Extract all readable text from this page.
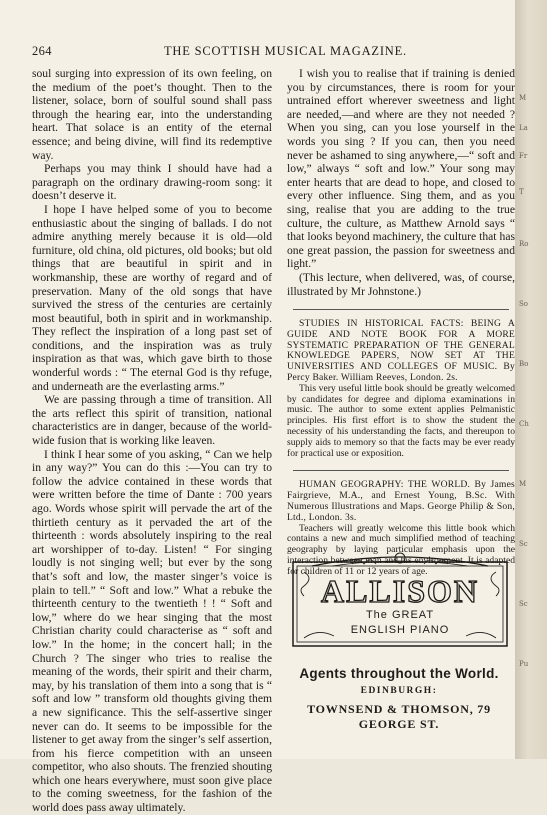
264	THE SCOTTISH MUSICAL MAGAZINE.

soul surging into expression of its own feeling, on the medium of the poet’s thought. Then to the listener, solace, born of soulful sound shall pass through the hearing ear, into the understanding heart. That solace is an entity of the eternal essence; and being divine, will find its redemptive way.

Perhaps you may think I should have had a paragraph on the ordinary drawing-room song: it doesn’t deserve it.

I hope I have helped some of you to become enthusiastic about the singing of ballads. I do not admire anything merely because it is old—old furniture, old china, old pictures, old books; but old things that are beautiful in spirit and in workmanship, these are worthy of regard and of preservation. Many of the old songs that have survived the stress of the centuries are certainly most beautiful, both in spirit and in workmanship. They reflect the inspiration of a long past set of conditions, and the inspiration was as truly inspiration as that was, which gave birth to those wonderful words : “ The eternal God is thy refuge, and underneath are the everlasting arms.”

We are passing through a time of transition. All the arts reflect this spirit of transition, national characteristics are in danger, because of the world-wide fusion that is working like leaven.

I think I hear some of you asking, “ Can we help in any way?” You can do this :—You can try to follow the advice contained in these words that were written before the time of Dante : 700 years ago. Words whose spirit will pervade the art of the thirtieth century as it pervaded the art of the thirteenth : words absolutely inspiring to the real art worshipper of to-day. Listen! “ For singing loudly is not singing well; but ever by the song that’s soft and low, the master singer’s voice is plain to tell.” “ Soft and low.” What a rebuke the thirteenth century to the twentieth ! ! “ Soft and low,” where do we hear singing that the most Christian charity could characterise as “ soft and low.” In the home; in the concert hall; in the Church ? The singer who tries to realise the meaning of the words, their spirit and their charm, may, by his translation of them into a song that is “ soft and low ” transform old thoughts giving them a new significance. This the self-assertive singer never can do. It seems to be impossible for the listener to get away from the singer’s self assertion, from his fierce competition with an unseen competitor, who also shouts. The frenzied shouting which one hears everywhere, must soon give place to the coming sweetness, for the fashion of the world does pass away ultimately.

I wish you to realise that if training is denied you by circumstances, there is room for your untrained effort wherever sweetness and light are needed,—and where are they not needed ? When you sing, can you lose yourself in the words you sing ? If you can, then you need never be ashamed to sing anywhere,—“ soft and low,” always “ soft and low.” Your song may enter hearts that are dead to hope, and closed to every other influence. Sing them, and as you sing, realise that you are adding to the true culture, the culture, as Matthew Arnold says “ that looks beyond machinery, the culture that has one great passion, the passion for sweetness and light.”

(This lecture, when delivered, was, of course, illustrated by Mr Johnstone.)

STUDIES IN HISTORICAL FACTS: BEING A GUIDE AND NOTE BOOK FOR A MORE SYSTEMATIC PREPARATION OF THE GENERAL KNOWLEDGE PAPERS, NOW SET AT THE UNIVERSITIES AND COLLEGES OF MUSIC. By Percy Baker. William Reeves, London. 2s.

This very useful little book should be greatly welcomed by candidates for degree and diploma examinations in music. The author to some extent applies Pelmanistic principles. His first effort is to show the student the necessity of his understanding the facts, and thereupon to supply aids to memory so that the facts may be ever ready for practical use or exposition.

HUMAN GEOGRAPHY: THE WORLD. By James Fairgrieve, M.A., and Ernest Young, B.Sc. With Numerous Illustrations and Maps. George Philip & Son, Ltd., London. 3s.

Teachers will greatly welcome this little book which contains a new and much simplified method of teaching geography by laying particular emphasis upon the interaction between man and his environment. It is adapted for children of 11 or 12 years of age.

ALLISON
The GREAT
ENGLISH PIANO
Agents throughout the World.
EDINBURGH:
TOWNSEND & THOMSON, 79 GEORGE ST.
M
La
Fr
T
Ro
So
Bo
Ch
M
Sc
Sc
Pu
